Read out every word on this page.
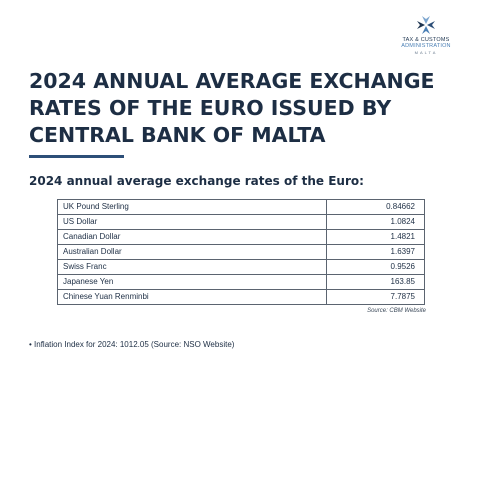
TAX & CUSTOMS
ADMINISTRATION
MALTA
2024 ANNUAL AVERAGE EXCHANGE RATES OF THE EURO ISSUED BY CENTRAL BANK OF MALTA
2024 annual average exchange rates of the Euro:
UK Pound Sterling	0.84662
US Dollar	1.0824
Canadian Dollar	1.4821
Australian Dollar	1.6397
Swiss Franc	0.9526
Japanese Yen	163.85
Chinese Yuan Renminbi	7.7875
Source: CBM Website
• Inflation Index for 2024: 1012.05 (Source: NSO Website)
